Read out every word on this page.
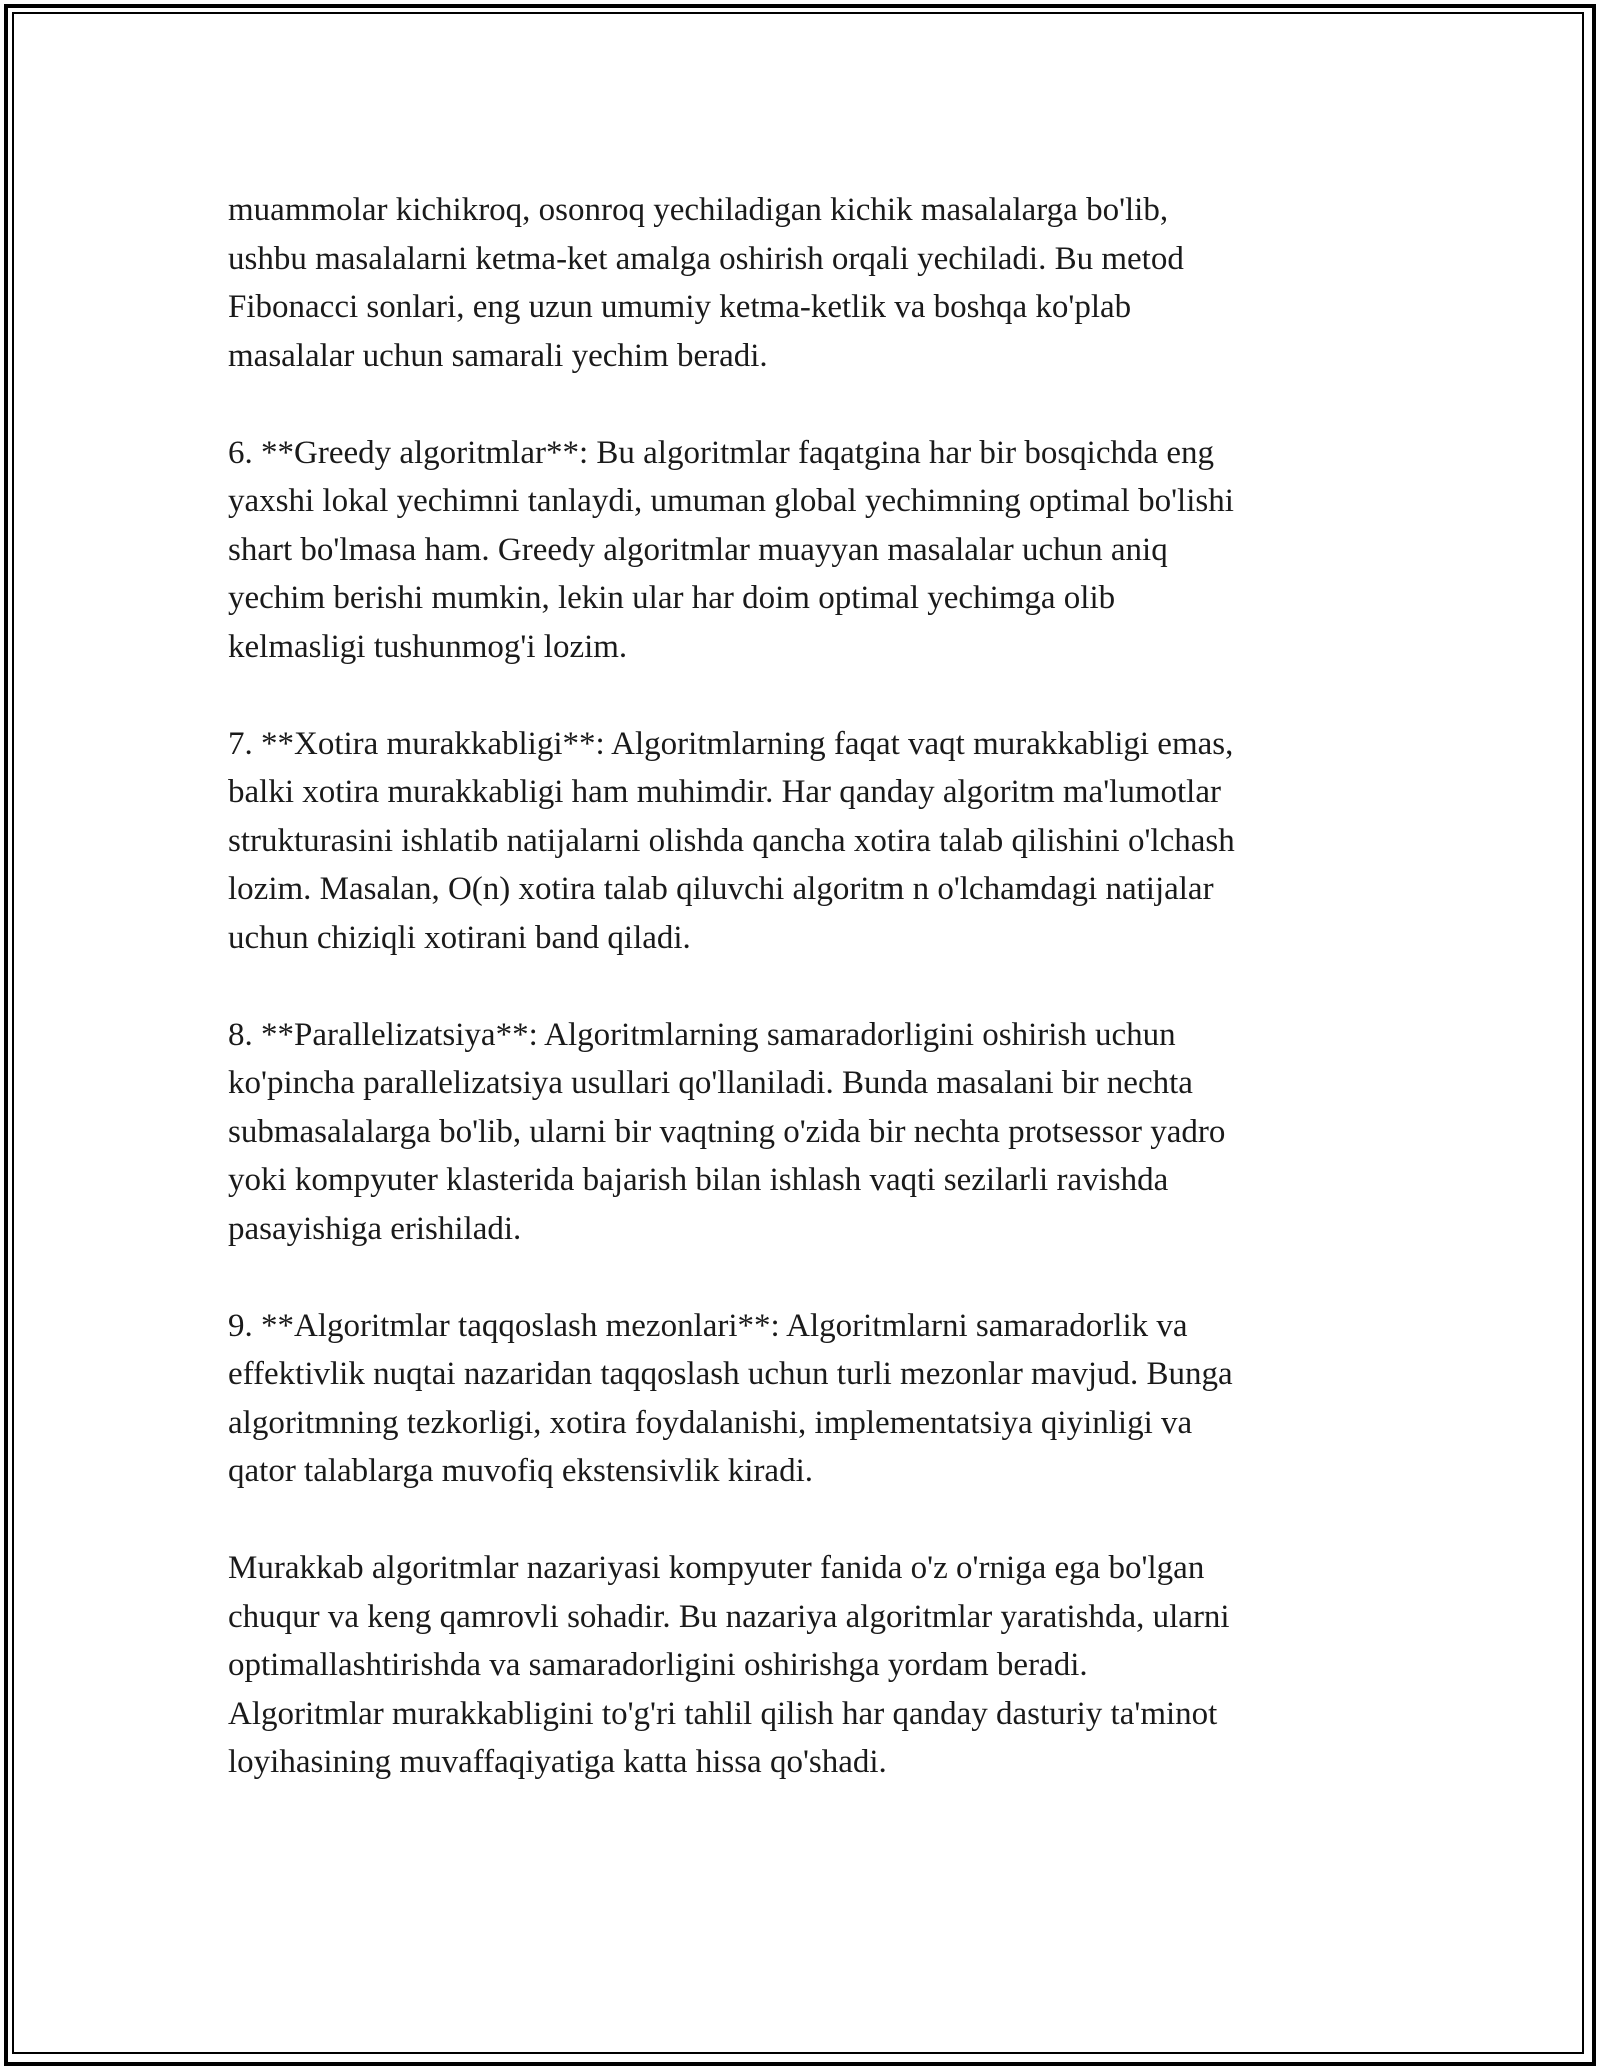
muammolar kichikroq, osonroq yechiladigan kichik masalalarga bo'lib,
ushbu masalalarni ketma-ket amalga oshirish orqali yechiladi. Bu metod
Fibonacci sonlari, eng uzun umumiy ketma-ketlik va boshqa ko'plab
masalalar uchun samarali yechim beradi.

6. **Greedy algoritmlar**: Bu algoritmlar faqatgina har bir bosqichda eng
yaxshi lokal yechimni tanlaydi, umuman global yechimning optimal bo'lishi
shart bo'lmasa ham. Greedy algoritmlar muayyan masalalar uchun aniq
yechim berishi mumkin, lekin ular har doim optimal yechimga olib
kelmasligi tushunmog'i lozim.

7. **Xotira murakkabligi**: Algoritmlarning faqat vaqt murakkabligi emas,
balki xotira murakkabligi ham muhimdir. Har qanday algoritm ma'lumotlar
strukturasini ishlatib natijalarni olishda qancha xotira talab qilishini o'lchash
lozim. Masalan, O(n) xotira talab qiluvchi algoritm n o'lchamdagi natijalar
uchun chiziqli xotirani band qiladi.

8. **Parallelizatsiya**: Algoritmlarning samaradorligini oshirish uchun
ko'pincha parallelizatsiya usullari qo'llaniladi. Bunda masalani bir nechta
submasalalarga bo'lib, ularni bir vaqtning o'zida bir nechta protsessor yadro
yoki kompyuter klasterida bajarish bilan ishlash vaqti sezilarli ravishda
pasayishiga erishiladi.

9. **Algoritmlar taqqoslash mezonlari**: Algoritmlarni samaradorlik va
effektivlik nuqtai nazaridan taqqoslash uchun turli mezonlar mavjud. Bunga
algoritmning tezkorligi, xotira foydalanishi, implementatsiya qiyinligi va
qator talablarga muvofiq ekstensivlik kiradi.

Murakkab algoritmlar nazariyasi kompyuter fanida o'z o'rniga ega bo'lgan
chuqur va keng qamrovli sohadir. Bu nazariya algoritmlar yaratishda, ularni
optimallashtirishda va samaradorligini oshirishga yordam beradi.
Algoritmlar murakkabligini to'g'ri tahlil qilish har qanday dasturiy ta'minot
loyihasining muvaffaqiyatiga katta hissa qo'shadi.
